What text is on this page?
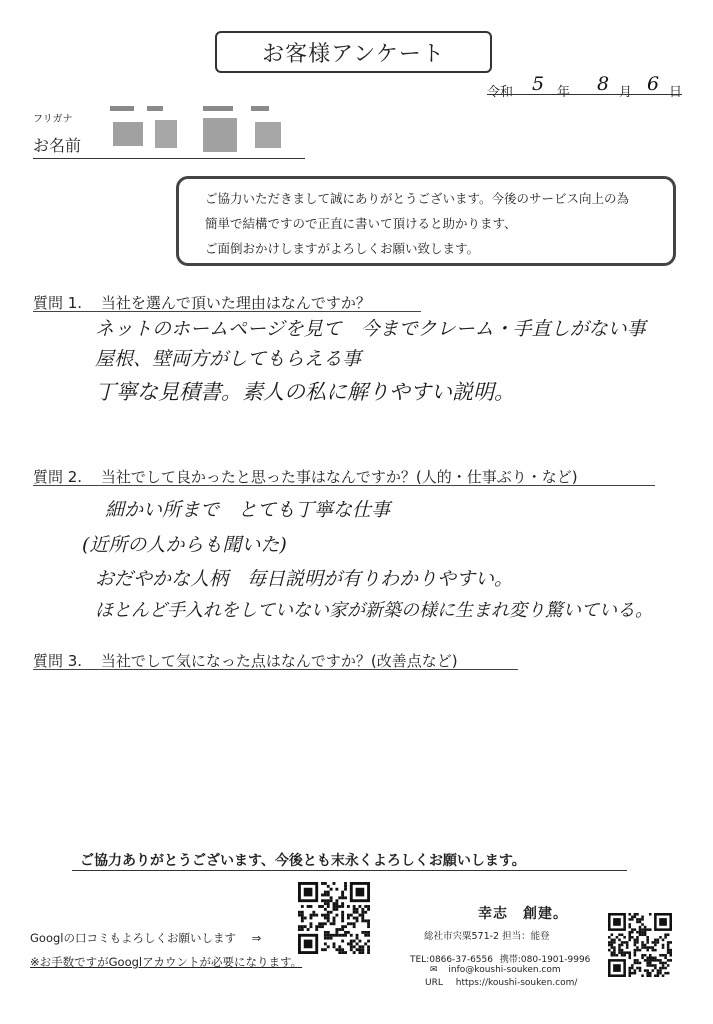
お客様アンケート
令和 5 年 8 月 6 日
フリガナ
お名前

ご協力いただきまして誠にありがとうございます。今後のサービス向上の為

簡単で結構ですので正直に書いて頂けると助かります、

ご面倒おかけしますがよろしくお願い致します。

質問 1. 当社を選んで頂いた理由はなんですか？
ネットのホームページを見て　今までクレーム・手直しがない事　
屋根、壁両方がしてもらえる事
丁寧な見積書。素人の私に解りやすい説明。
質問 2. 当社でして良かったと思った事はなんですか？(人的・仕事ぶり・など)
細かい所まで　とても丁寧な仕事
(近所の人からも聞いた)
おだやかな人柄　毎日説明が有りわかりやすい。
ほとんど手入れをしていない家が新築の様に生まれ変り驚いている。
質問 3. 当社でして気になった点はなんですか？(改善点など)
ご協力ありがとうございます、今後とも末永くよろしくお願いします。
Googlの口コミもよろしくお願いします ⇒
※お手数ですがGooglアカウントが必要になります。
幸志　創建。
総社市宍粟571-2 担当：能登
TEL:0866-37-6556 携帯:080-1901-9996
✉ info@koushi-souken.com
URL https://koushi-souken.com/
